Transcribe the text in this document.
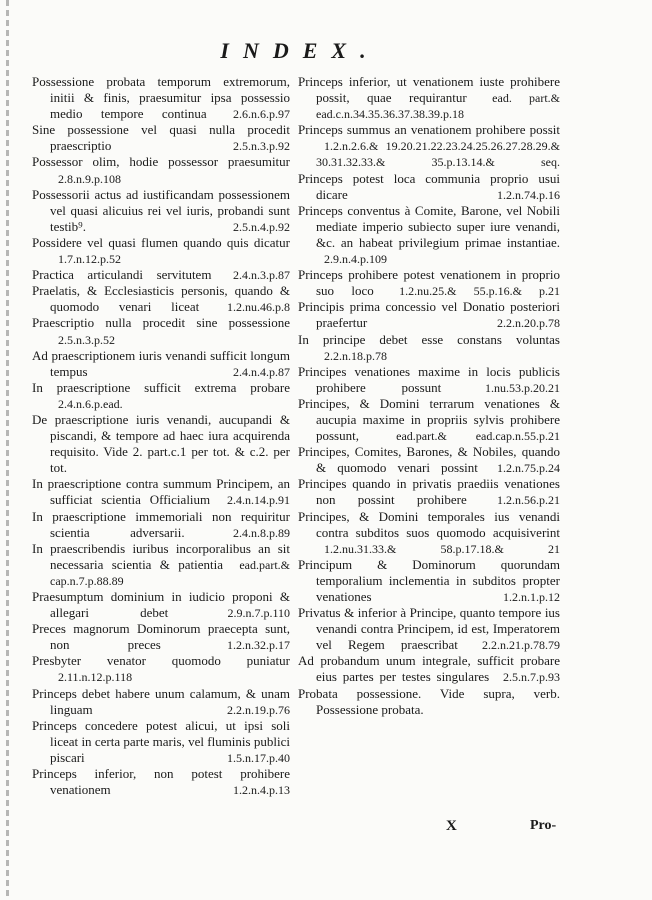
INDEX.
Possessione probata temporum extremorum, initii & finis, praesumitur ipsa possessio medio tempore continua 2.6.n.6.p.97
Sine possessione vel quasi nulla procedit praescriptio	2.5.n.3.p.92
Possessor olim, hodie possessor praesumitur 2.8.n.9.p.108
Possessorii actus ad iustificandam possessionem vel quasi alicuius rei vel iuris, probandi sunt testib⁹.	2.5.n.4.p.92
Possidere vel quasi flumen quando quis dicatur 1.7.n.12.p.52
Practica articulandi servitutem 2.4.n.3.p.87
Praelatis, & Ecclesiasticis personis, quando & quomodo venari liceat 1.2.nu.46.p.8
Praescriptio nulla procedit sine possessione 2.5.n.3.p.52
Ad praescriptionem iuris venandi sufficit longum tempus	2.4.n.4.p.87
In praescriptione sufficit extrema probare 2.4.n.6.p.ead.
De praescriptione iuris venandi, aucupandi & piscandi, & tempore ad haec iura acquirenda requisito. Vide 2. part.c.1 per tot. & c.2. per tot.
In praescriptione contra summum Principem, an sufficiat scientia Officialium 2.4.n.14.p.91
In praescriptione immemoriali non requiritur scientia adversarii.	2.4.n.8.p.89
In praescribendis iuribus incorporalibus an sit necessaria scientia & patientia ead.part.& cap.n.7.p.88.89
Praesumptum dominium in iudicio proponi & allegari debet	2.9.n.7.p.110
Preces magnorum Dominorum praecepta sunt, non preces	1.2.n.32.p.17
Presbyter venator quomodo puniatur 2.11.n.12.p.118
Princeps debet habere unum calamum, & unam linguam	2.2.n.19.p.76
Princeps concedere potest alicui, ut ipsi soli liceat in certa parte maris, vel fluminis publici piscari	1.5.n.17.p.40
Princeps inferior, non potest prohibere venationem	1.2.n.4.p.13
Princeps inferior, ut venationem iuste prohibere possit, quae requirantur ead. part.& ead.c.n.34.35.36.37.38.39.p.18
Princeps summus an venationem prohibere possit 1.2.n.2.6.& 19.20.21.22.23.24.25.26.27.28.29.& 30.31.32.33.& 35.p.13.14.& seq.
Princeps potest loca communia proprio usui dicare	1.2.n.74.p.16
Princeps conventus à Comite, Barone, vel Nobili mediate imperio subiecto super iure venandi, &c. an habeat privilegium primae instantiae. 2.9.n.4.p.109
Princeps prohibere potest venationem in proprio suo loco 1.2.nu.25.& 55.p.16.& p.21
Principis prima concessio vel Donatio posteriori praefertur	2.2.n.20.p.78
In principe debet esse constans voluntas 2.2.n.18.p.78
Principes venationes maxime in locis publicis prohibere possunt	1.nu.53.p.20.21
Principes, & Domini terrarum venationes & aucupia maxime in propriis sylvis prohibere possunt,	ead.part.& ead.cap.n.55.p.21
Principes, Comites, Barones, & Nobiles, quando & quomodo venari possint 1.2.n.75.p.24
Principes quando in privatis praediis venationes non possint prohibere	1.2.n.56.p.21
Principes, & Domini temporales ius venandi contra subditos suos quomodo acquisiverint 1.2.nu.31.33.& 58.p.17.18.& 21
Principum & Dominorum quorundam temporalium inclementia in subditos propter venationes	1.2.n.1.p.12
Privatus & inferior à Principe, quanto tempore ius venandi contra Principem, id est, Imperatorem vel Regem praescribat 2.2.n.21.p.78.79
Ad probandum unum integrale, sufficit probare eius partes per testes singulares 2.5.n.7.p.93
Probata possessione. Vide supra, verb. Possessione probata.
X	Pro-
